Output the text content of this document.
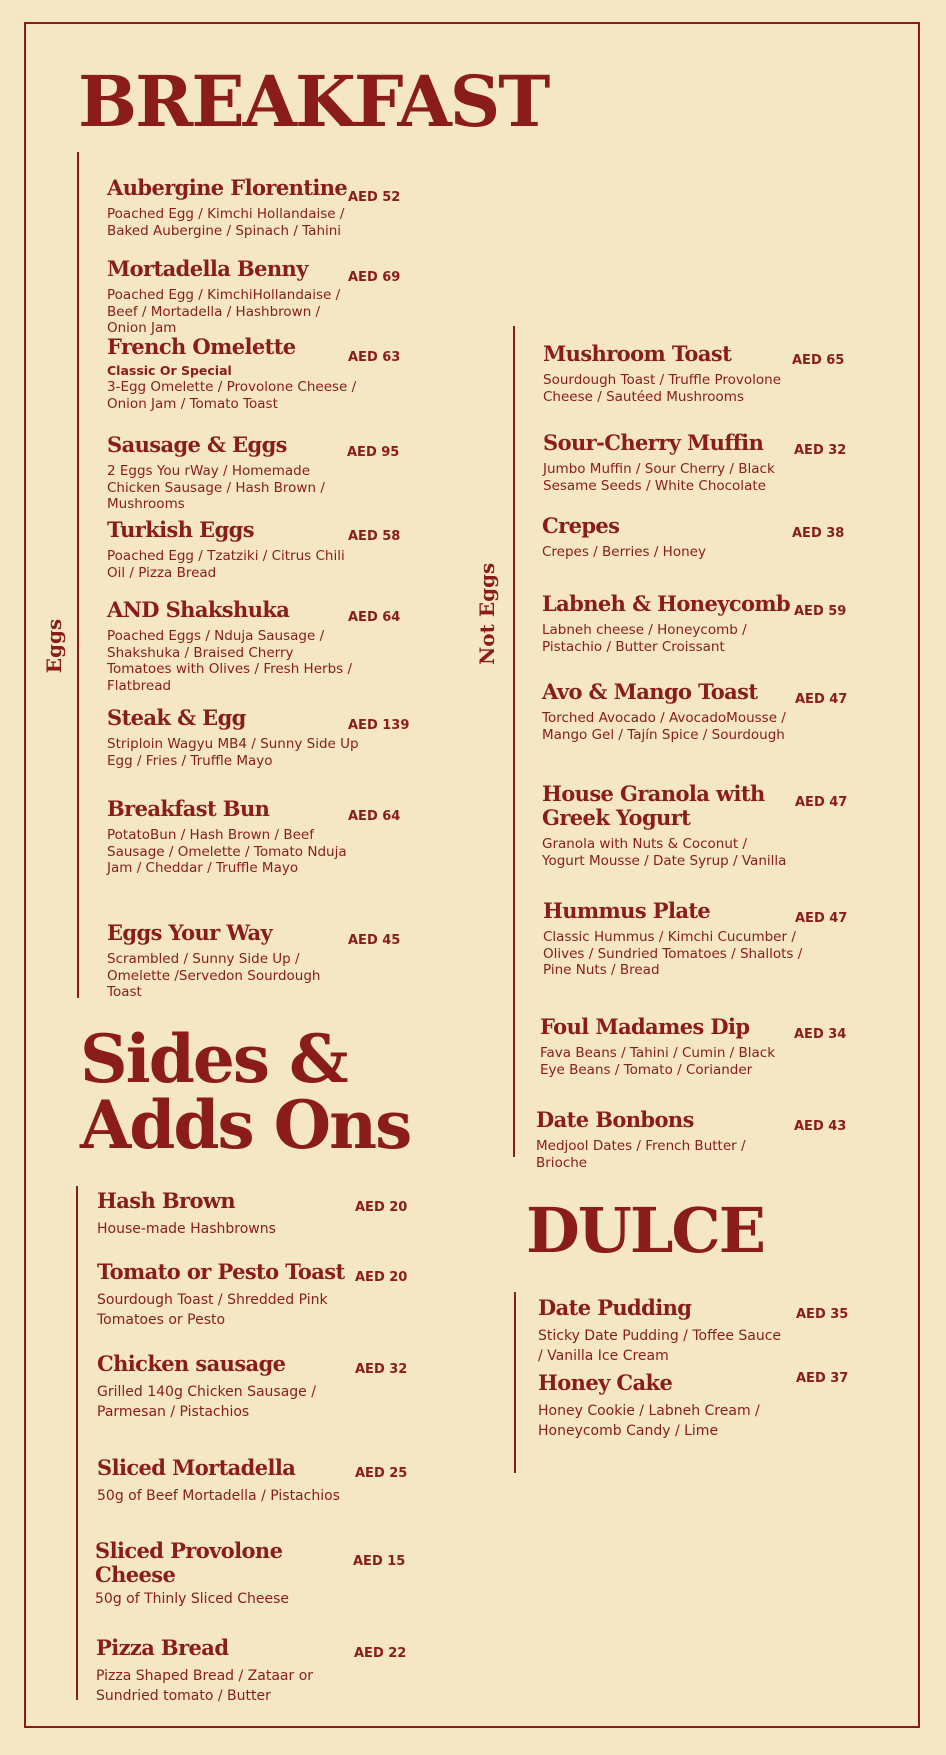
BREAKFAST
Eggs
Aubergine Florentine
Poached Egg / Kimchi Hollandaise / Baked Aubergine / Spinach / Tahini
AED 52
Mortadella Benny
Poached Egg / KimchiHollandaise / Beef / Mortadella / Hashbrown / Onion Jam
AED 69
French Omelette
Classic Or Special
3-Egg Omelette / Provolone Cheese / Onion Jam / Tomato Toast
AED 63
Sausage & Eggs
2 Eggs You rWay / Homemade Chicken Sausage / Hash Brown / Mushrooms
AED 95
Turkish Eggs
Poached Egg / Tzatziki / Citrus Chili Oil / Pizza Bread
AED 58
AND Shakshuka
Poached Eggs / Nduja Sausage / Shakshuka / Braised Cherry Tomatoes with Olives / Fresh Herbs / Flatbread
AED 64
Steak & Egg
Striploin Wagyu MB4 / Sunny Side Up Egg / Fries / Truffle Mayo
AED 139
Breakfast Bun
PotatoBun / Hash Brown / Beef Sausage / Omelette / Tomato Nduja Jam / Cheddar / Truffle Mayo
AED 64
Eggs Your Way
Scrambled / Sunny Side Up / Omelette /Servedon Sourdough Toast
AED 45
Not Eggs
Mushroom Toast
Sourdough Toast / Truffle Provolone Cheese / Sautéed Mushrooms
AED 65
Sour-Cherry Muffin
Jumbo Muffin / Sour Cherry / Black Sesame Seeds / White Chocolate
AED 32
Crepes
Crepes / Berries / Honey
AED 38
Labneh & Honeycomb
Labneh cheese / Honeycomb / Pistachio / Butter Croissant
AED 59
Avo & Mango Toast
Torched Avocado / AvocadoMousse / Mango Gel / Tajín Spice / Sourdough
AED 47
House Granola with Greek Yogurt
Granola with Nuts & Coconut / Yogurt Mousse / Date Syrup / Vanilla
AED 47
Hummus Plate
Classic Hummus / Kimchi Cucumber / Olives / Sundried Tomatoes / Shallots / Pine Nuts / Bread
AED 47
Foul Madames Dip
Fava Beans / Tahini / Cumin / Black Eye Beans / Tomato / Coriander
AED 34
Date Bonbons
Medjool Dates / French Butter / Brioche
AED 43
Sides &
Adds Ons
Hash Brown
House-made Hashbrowns
AED 20
Tomato or Pesto Toast
Sourdough Toast / Shredded Pink Tomatoes or Pesto
AED 20
Chicken sausage
Grilled 140g Chicken Sausage / Parmesan / Pistachios
AED 32
Sliced Mortadella
50g of Beef Mortadella / Pistachios
AED 25
Sliced Provolone Cheese
50g of Thinly Sliced Cheese
AED 15
Pizza Bread
Pizza Shaped Bread / Zataar or Sundried tomato / Butter
AED 22
DULCE
Date Pudding
Sticky Date Pudding / Toffee Sauce / Vanilla Ice Cream
AED 35
Honey Cake
Honey Cookie / Labneh Cream / Honeycomb Candy / Lime
AED 37
